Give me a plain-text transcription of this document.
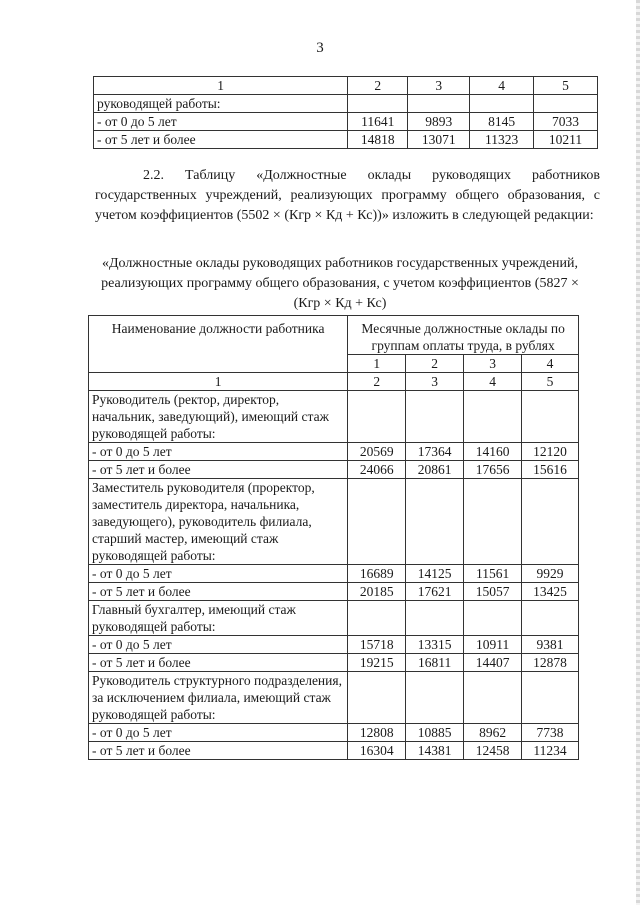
3
1	2	3	4	5
руководящей работы:				
- от 0 до 5 лет	11641	9893	8145	7033
- от 5 лет и более	14818	13071	11323	10211
2.2. Таблицу «Должностные оклады руководящих работников государственных учреждений, реализующих программу общего образования, с учетом коэффициентов (5502 × (Кгр × Кд + Кс))» изложить в следующей редакции:
«Должностные оклады руководящих работников государственных учреждений, реализующих программу общего образования, с учетом коэффициентов (5827 × (Кгр × Кд + Кс)
Наименование должности работника	Месячные должностные оклады по группам оплаты труда, в рублях			
	1	2	3	4
1	2	3	4	5
Руководитель (ректор, директор, начальник, заведующий), имеющий стаж руководящей работы:				
- от 0 до 5 лет	20569	17364	14160	12120
- от 5 лет и более	24066	20861	17656	15616
Заместитель руководителя (проректор, заместитель директора, начальника, заведующего), руководитель филиала, старший мастер, имеющий стаж руководящей работы:				
- от 0 до 5 лет	16689	14125	11561	9929
- от 5 лет и более	20185	17621	15057	13425
Главный бухгалтер, имеющий стаж руководящей работы:				
- от 0 до 5 лет	15718	13315	10911	9381
- от 5 лет и более	19215	16811	14407	12878
Руководитель структурного подразделения, за исключением филиала, имеющий стаж руководящей работы:				
- от 0 до 5 лет	12808	10885	8962	7738
- от 5 лет и более	16304	14381	12458	11234
